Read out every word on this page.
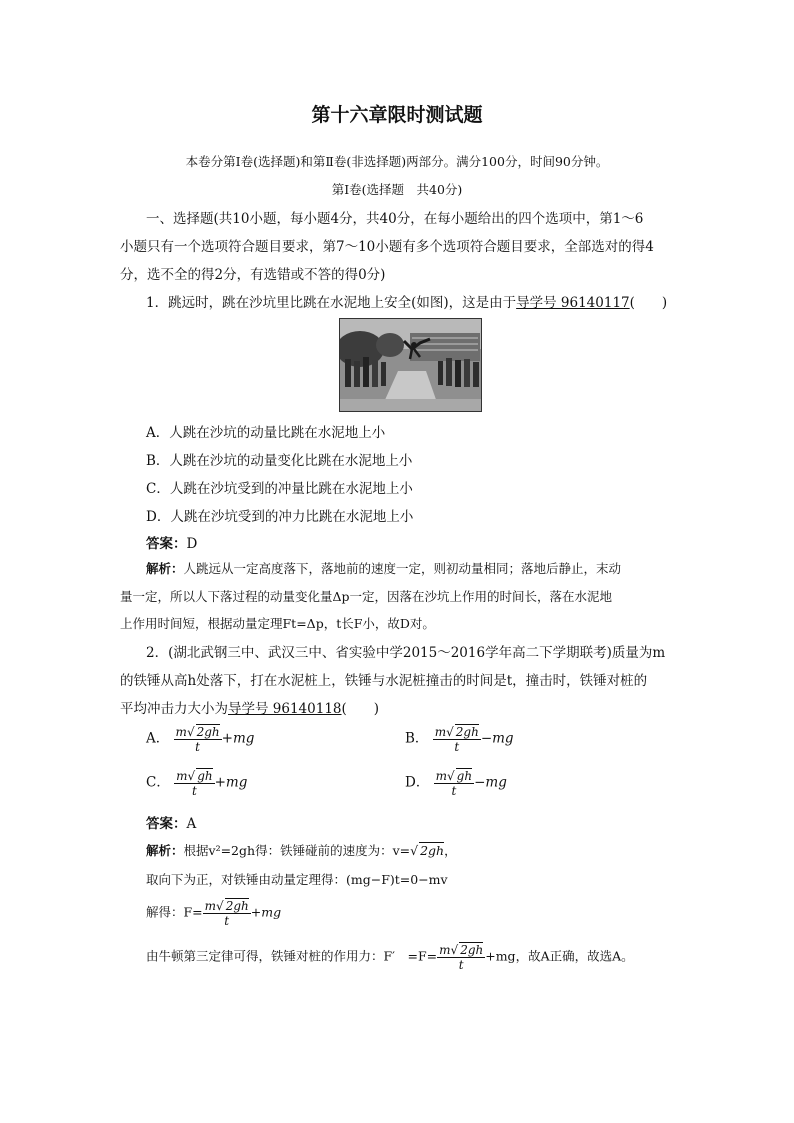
第十六章限时测试题
本卷分第Ⅰ卷(选择题)和第Ⅱ卷(非选择题)两部分。满分100分，时间90分钟。
第Ⅰ卷(选择题　共40分)
一、选择题(共10小题，每小题4分，共40分，在每小题给出的四个选项中，第1～6
小题只有一个选项符合题目要求，第7～10小题有多个选项符合题目要求，全部选对的得4
分，选不全的得2分，有选错或不答的得0分)
1．跳远时，跳在沙坑里比跳在水泥地上安全(如图)，这是由于导学号 96140117(　　)
A．人跳在沙坑的动量比跳在水泥地上小
B．人跳在沙坑的动量变化比跳在水泥地上小
C．人跳在沙坑受到的冲量比跳在水泥地上小
D．人跳在沙坑受到的冲力比跳在水泥地上小
答案：D
解析：人跳远从一定高度落下，落地前的速度一定，则初动量相同；落地后静止，末动
量一定，所以人下落过程的动量变化量Δp一定，因落在沙坑上作用的时间长，落在水泥地
上作用时间短，根据动量定理Ft=Δp，t长F小，故D对。
2．(湖北武钢三中、武汉三中、省实验中学2015～2016学年高二下学期联考)质量为m
的铁锤从高h处落下，打在水泥桩上，铁锤与水泥桩撞击的时间是t，撞击时，铁锤对桩的
平均冲击力大小为导学号 96140118(　　)
A． $\frac{m√ 2gh}{t} +mg$	B． $\frac{m√ 2gh}{t} -mg$
C． $\frac{m√ gh}{t} +mg$	D． $\frac{m√ gh}{t} -mg$
答案：A
解析：根据v²=2gh得：铁锤碰前的速度为：v=√ 2gh，
取向下为正，对铁锤由动量定理得：(mg−F)t=0−mv
解得：$F= \frac{m√ 2gh}{t} +mg$
由牛顿第三定律可得，铁锤对桩的作用力：F′　$=F= \frac{m√ 2gh}{t} +mg$，故A正确，故选A。
